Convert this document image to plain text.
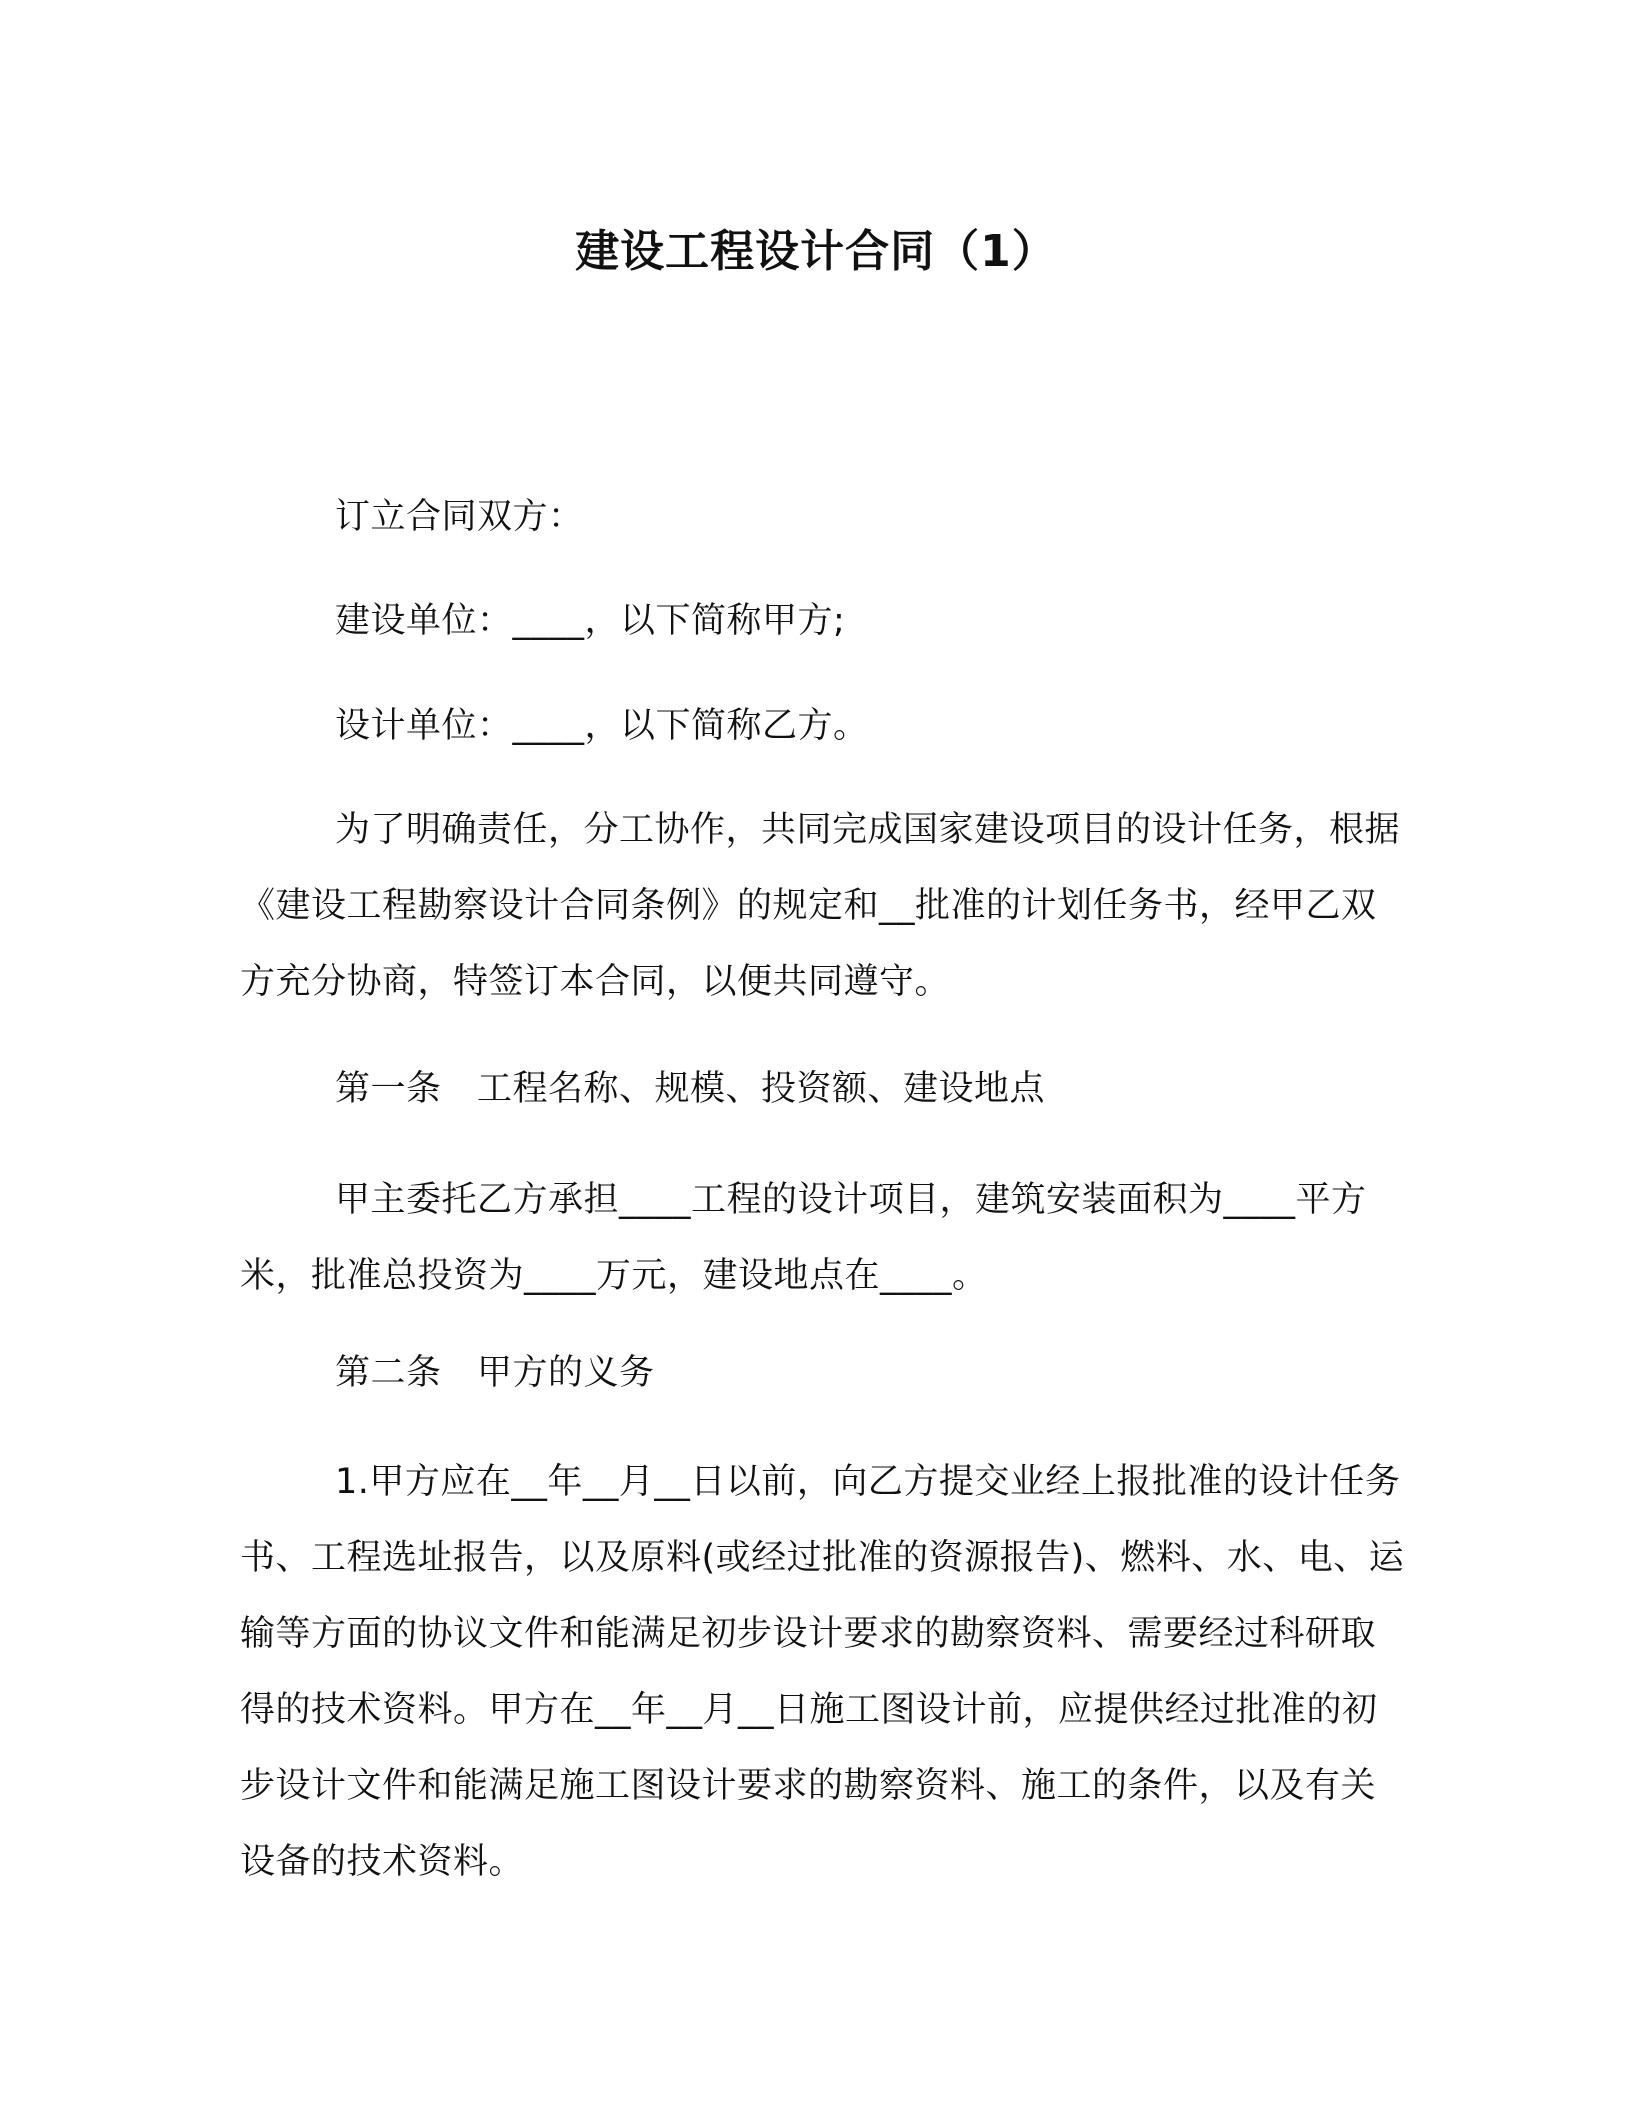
建设工程设计合同（1）

订立合同双方：

建设单位：____，以下简称甲方;

设计单位：____，以下简称乙方。

为了明确责任，分工协作，共同完成国家建设项目的设计任务，根据《建设工程勘察设计合同条例》的规定和__批准的计划任务书，经甲乙双方充分协商，特签订本合同，以便共同遵守。

第一条　工程名称、规模、投资额、建设地点

甲主委托乙方承担____工程的设计项目，建筑安装面积为____平方米，批准总投资为____万元，建设地点在____。

第二条　甲方的义务

1.甲方应在__年__月__日以前，向乙方提交业经上报批准的设计任务书、工程选址报告，以及原料(或经过批准的资源报告)、燃料、水、电、运输等方面的协议文件和能满足初步设计要求的勘察资料、需要经过科研取得的技术资料。甲方在__年__月__日施工图设计前，应提供经过批准的初步设计文件和能满足施工图设计要求的勘察资料、施工的条件，以及有关设备的技术资料。
